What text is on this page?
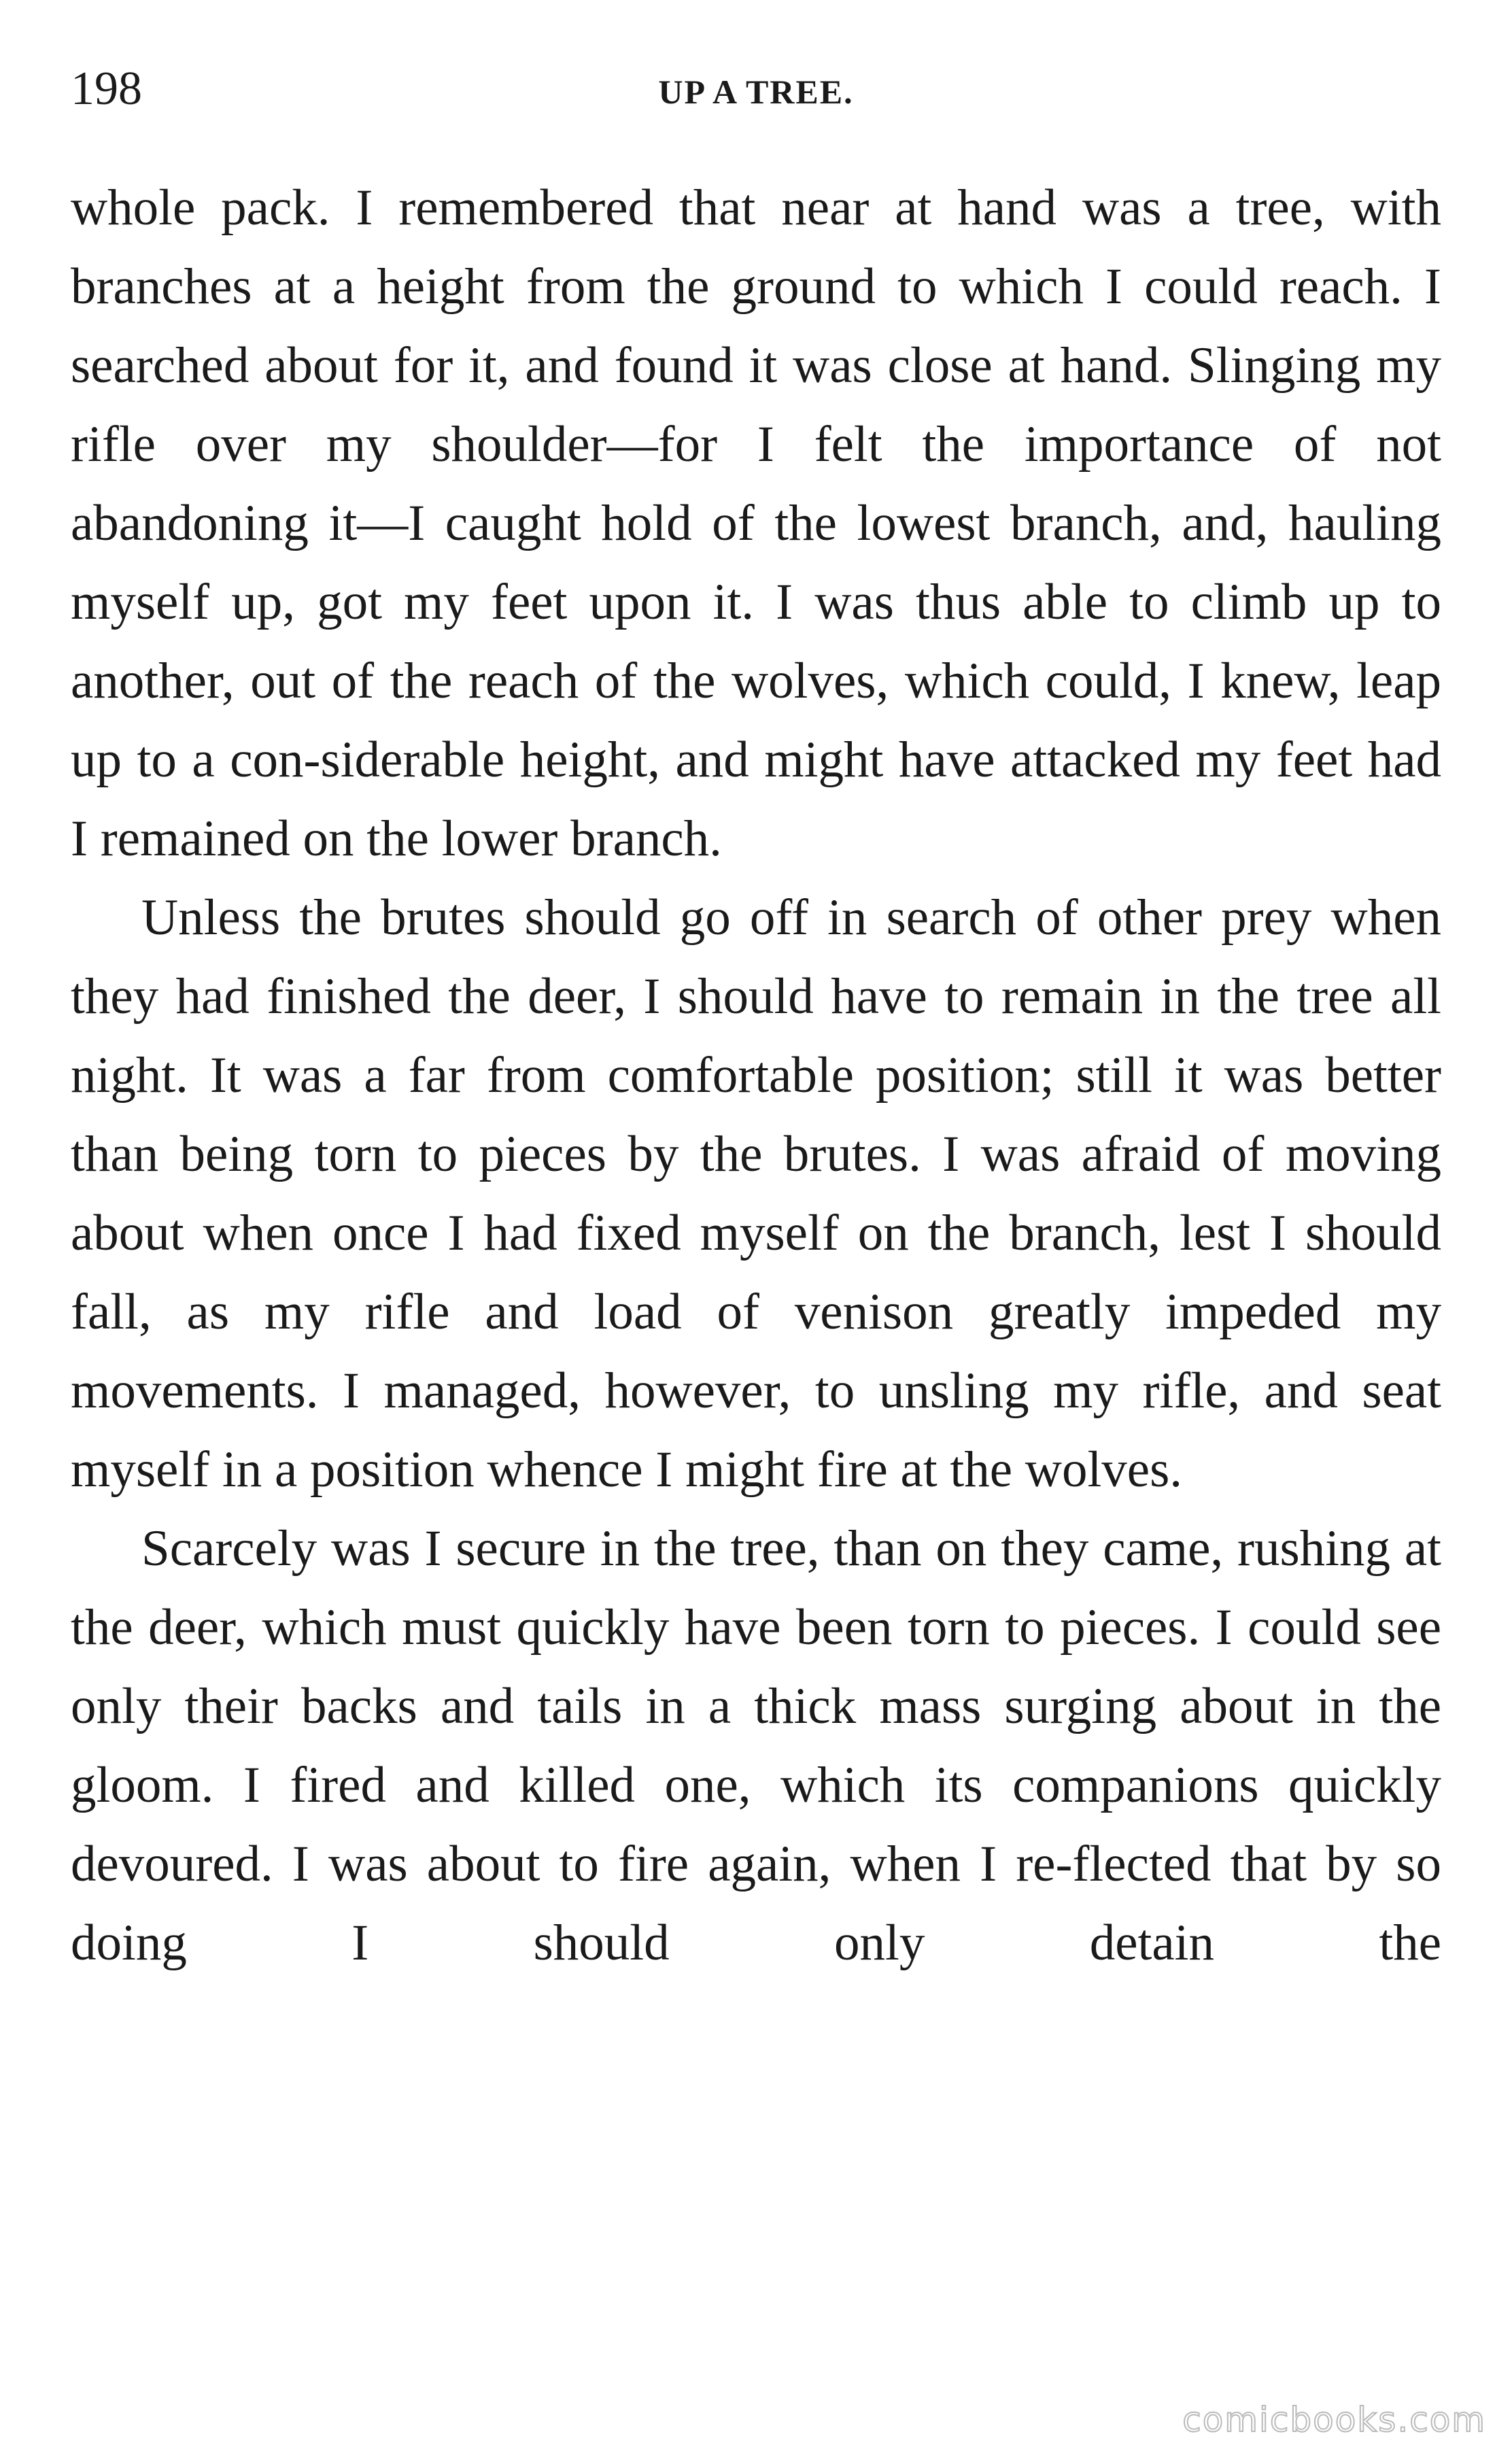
198	UP A TREE.

whole pack. I remembered that near at hand was a tree, with branches at a height from the ground to which I could reach. I searched about for it, and found it was close at hand. Slinging my rifle over my shoulder—for I felt the importance of not abandoning it—I caught hold of the lowest branch, and, hauling myself up, got my feet upon it. I was thus able to climb up to another, out of the reach of the wolves, which could, I knew, leap up to a con-siderable height, and might have attacked my feet had I remained on the lower branch.

Unless the brutes should go off in search of other prey when they had finished the deer, I should have to remain in the tree all night. It was a far from comfortable position; still it was better than being torn to pieces by the brutes. I was afraid of moving about when once I had fixed myself on the branch, lest I should fall, as my rifle and load of venison greatly impeded my movements. I managed, however, to unsling my rifle, and seat myself in a position whence I might fire at the wolves.

Scarcely was I secure in the tree, than on they came, rushing at the deer, which must quickly have been torn to pieces. I could see only their backs and tails in a thick mass surging about in the gloom. I fired and killed one, which its companions quickly devoured. I was about to fire again, when I re-flected that by so doing I should only detain the

comicbooks.com
